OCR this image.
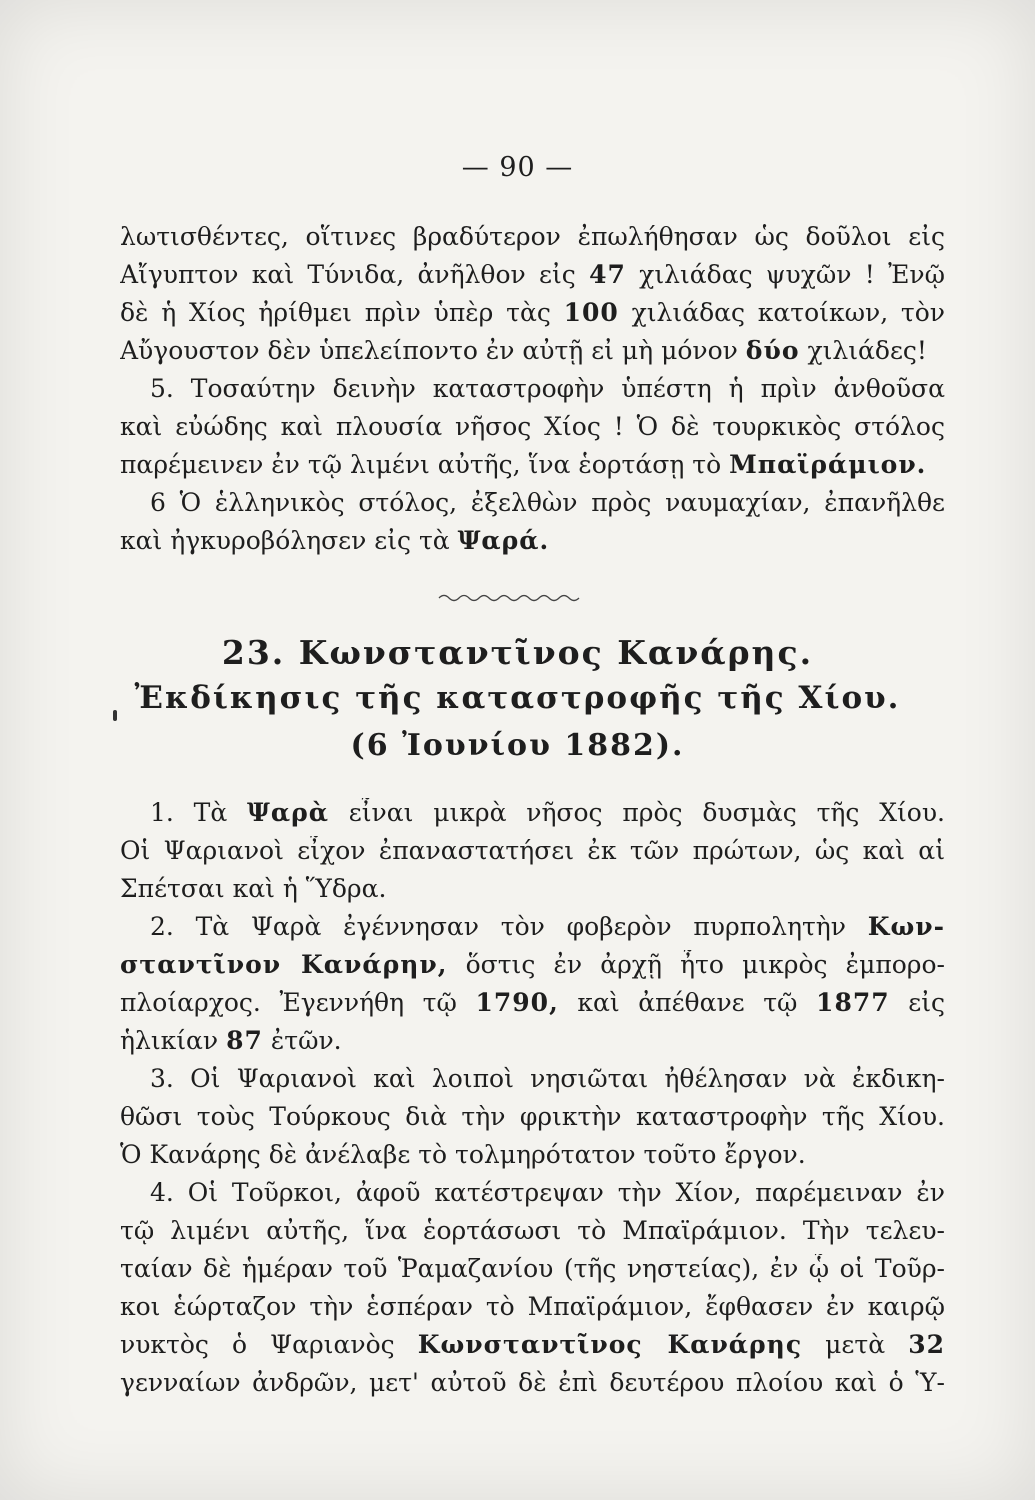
— 90 —
λωτισθέντες, οἵτινες βραδύτερον ἐπωλήθησαν ὡς δοῦλοι εἰς
Αἴγυπτον καὶ Τύνιδα, ἀνῆλθον εἰς 47 χιλιάδας ψυχῶν ! Ἐνῷ
δὲ ἡ Χίος ἠρίθμει πρὶν ὑπὲρ τὰς 100 χιλιάδας κατοίκων, τὸν
Αὔγουστον δὲν ὑπελείποντο ἐν αὐτῇ εἰ μὴ μόνον δύο χιλιάδες!
5. Τοσαύτην δεινὴν καταστροφὴν ὑπέστη ἡ πρὶν ἀνθοῦσα
καὶ εὐώδης καὶ πλουσία νῆσος Χίος ! Ὁ δὲ τουρκικὸς στόλος
παρέμεινεν ἐν τῷ λιμένι αὐτῆς, ἵνα ἑορτάσῃ τὸ Μπαϊράμιον.
6 Ὁ ἑλληνικὸς στόλος, ἐξελθὼν πρὸς ναυμαχίαν, ἐπανῆλθε
καὶ ἠγκυροβόλησεν εἰς τὰ Ψαρά.
23. Κωνσταντῖνος Κανάρης.
Ἐκδίκησις τῆς καταστροφῆς τῆς Χίου.
(6 Ἰουνίου 1882).
1. Τὰ Ψαρὰ εἶναι μικρὰ νῆσος πρὸς δυσμὰς τῆς Χίου.
Οἱ Ψαριανοὶ εἶχον ἐπαναστατήσει ἐκ τῶν πρώτων, ὡς καὶ αἱ
Σπέτσαι καὶ ἡ Ὕδρα.
2. Τὰ Ψαρὰ ἐγέννησαν τὸν φοβερὸν πυρπολητὴν Κων-
σταντῖνον Κανάρην, ὅστις ἐν ἀρχῇ ἦτο μικρὸς ἐμπορο-
πλοίαρχος. Ἐγεννήθη τῷ 1790, καὶ ἀπέθανε τῷ 1877 εἰς
ἡλικίαν 87 ἐτῶν.
3. Οἱ Ψαριανοὶ καὶ λοιποὶ νησιῶται ἠθέλησαν νὰ ἐκδικη-
θῶσι τοὺς Τούρκους διὰ τὴν φρικτὴν καταστροφὴν τῆς Χίου.
Ὁ Κανάρης δὲ ἀνέλαβε τὸ τολμηρότατον τοῦτο ἔργον.
4. Οἱ Τοῦρκοι, ἀφοῦ κατέστρεψαν τὴν Χίον, παρέμειναν ἐν
τῷ λιμένι αὐτῆς, ἵνα ἑορτάσωσι τὸ Μπαϊράμιον. Τὴν τελευ-
ταίαν δὲ ἡμέραν τοῦ Ῥαμαζανίου (τῆς νηστείας), ἐν ᾧ οἱ Τοῦρ-
κοι ἑώρταζον τὴν ἑσπέραν τὸ Μπαϊράμιον, ἔφθασεν ἐν καιρῷ
νυκτὸς ὁ Ψαριανὸς Κωνσταντῖνος Κανάρης μετὰ 32
γενναίων ἀνδρῶν, μετ' αὐτοῦ δὲ ἐπὶ δευτέρου πλοίου καὶ ὁ Ὑ-
